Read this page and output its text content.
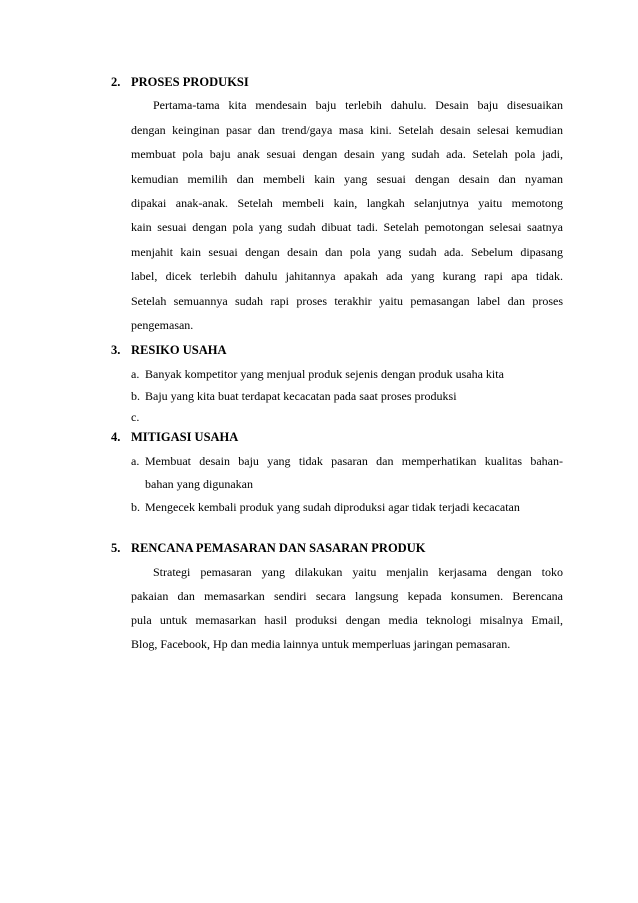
2. PROSES PRODUKSI
Pertama-tama kita mendesain baju terlebih dahulu. Desain baju disesuaikan
dengan keinginan pasar dan trend/gaya masa kini. Setelah desain selesai kemudian
membuat pola baju anak sesuai dengan desain yang sudah ada. Setelah pola jadi,
kemudian memilih dan membeli kain yang sesuai dengan desain dan nyaman
dipakai anak-anak. Setelah membeli kain, langkah selanjutnya yaitu memotong
kain sesuai dengan pola yang sudah dibuat tadi. Setelah pemotongan selesai saatnya
menjahit kain sesuai dengan desain dan pola yang sudah ada. Sebelum dipasang
label, dicek terlebih dahulu jahitannya apakah ada yang kurang rapi apa tidak.
Setelah semuannya sudah rapi proses terakhir yaitu pemasangan label dan proses
pengemasan.
3. RESIKO USAHA
a. Banyak kompetitor yang menjual produk sejenis dengan produk usaha kita
b. Baju yang kita buat terdapat kecacatan pada saat proses produksi
c.
4. MITIGASI USAHA
a. Membuat desain baju yang tidak pasaran dan memperhatikan kualitas bahan-
bahan yang digunakan
b. Mengecek kembali produk yang sudah diproduksi agar tidak terjadi kecacatan
5. RENCANA PEMASARAN DAN SASARAN PRODUK
Strategi pemasaran yang dilakukan yaitu menjalin kerjasama dengan toko
pakaian dan memasarkan sendiri secara langsung kepada konsumen. Berencana
pula untuk memasarkan hasil produksi dengan media teknologi misalnya Email,
Blog, Facebook, Hp dan media lainnya untuk memperluas jaringan pemasaran.
